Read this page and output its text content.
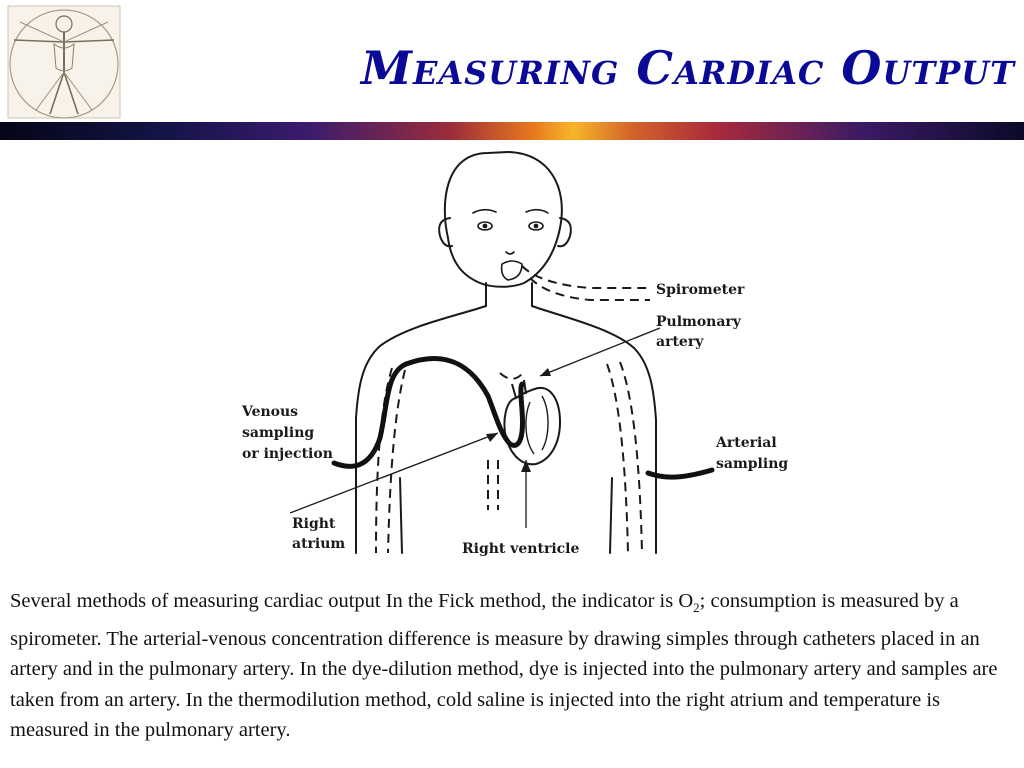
Measuring Cardiac Output
Spirometer
Pulmonary
artery
Venous
sampling
or injection
Arterial
sampling
Right
atrium	Right ventricle
Several methods of measuring cardiac output In the Fick method, the indicator is $O_2$; consumption is measured by a spirometer. The arterial-venous concentration difference is measure by drawing simples through catheters placed in an artery and in the pulmonary artery. In the dye-dilution method, dye is injected into the pulmonary artery and samples are taken from an artery. In the thermodilution method, cold saline is injected into the right atrium and temperature is measured in the pulmonary artery.
